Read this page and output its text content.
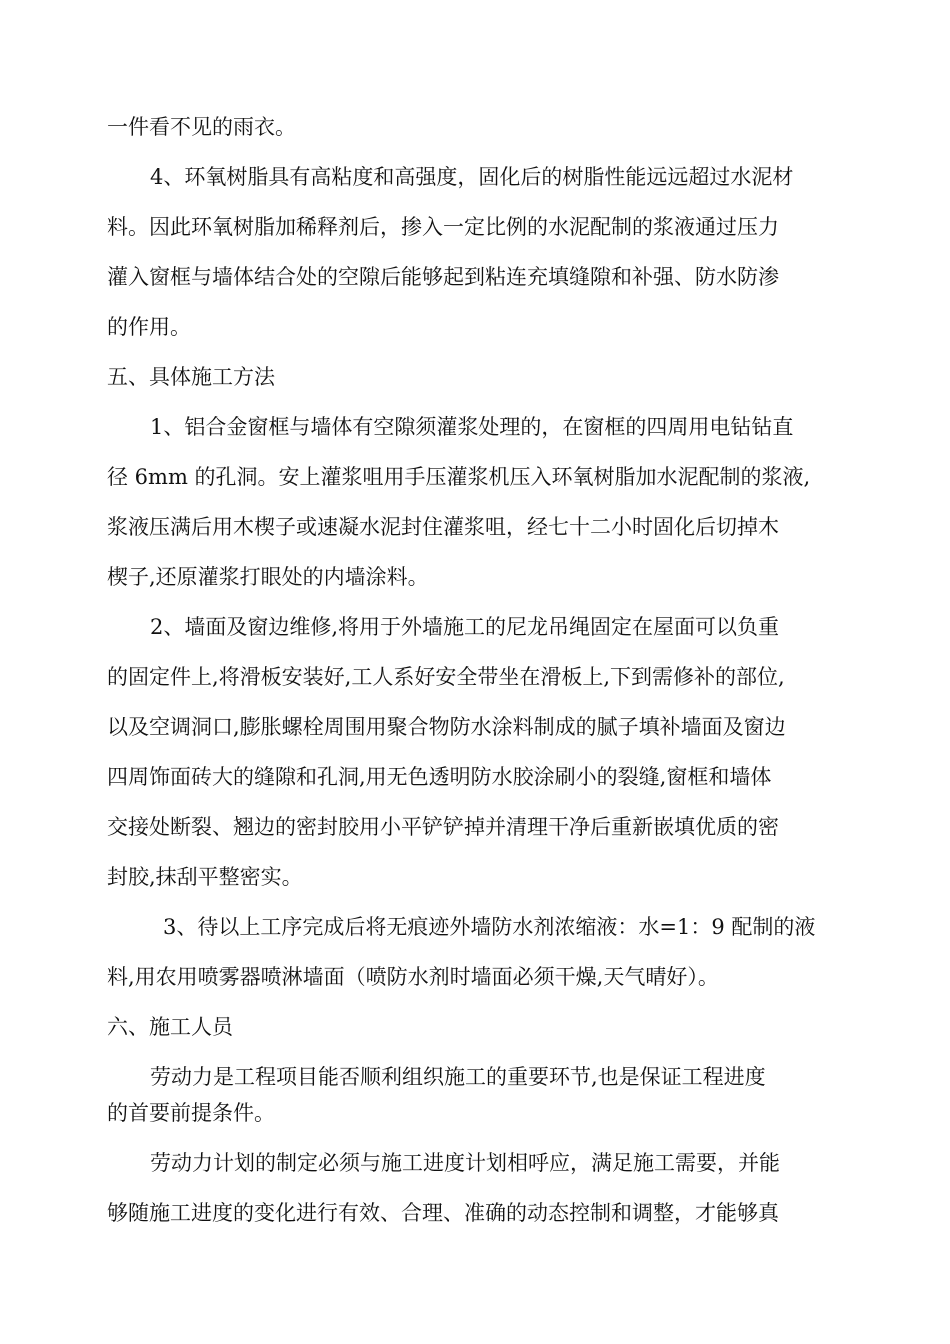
一件看不见的雨衣。
4、环氧树脂具有高粘度和高强度，固化后的树脂性能远远超过水泥材
料。因此环氧树脂加稀释剂后，掺入一定比例的水泥配制的浆液通过压力
灌入窗框与墙体结合处的空隙后能够起到粘连充填缝隙和补强、防水防渗
的作用。
五、具体施工方法
1、铝合金窗框与墙体有空隙须灌浆处理的，在窗框的四周用电钻钻直
径 6mm 的孔洞。安上灌浆咀用手压灌浆机压入环氧树脂加水泥配制的浆液,
浆液压满后用木楔子或速凝水泥封住灌浆咀，经七十二小时固化后切掉木
楔子,还原灌浆打眼处的内墙涂料。
2、墙面及窗边维修,将用于外墙施工的尼龙吊绳固定在屋面可以负重
的固定件上,将滑板安装好,工人系好安全带坐在滑板上,下到需修补的部位,
以及空调洞口,膨胀螺栓周围用聚合物防水涂料制成的腻子填补墙面及窗边
四周饰面砖大的缝隙和孔洞,用无色透明防水胶涂刷小的裂缝,窗框和墙体
交接处断裂、翘边的密封胶用小平铲铲掉并清理干净后重新嵌填优质的密
封胶,抹刮平整密实。
3、待以上工序完成后将无痕迹外墙防水剂浓缩液：水=1：9 配制的液
料,用农用喷雾器喷淋墙面（喷防水剂时墙面必须干燥,天气晴好）。
六、施工人员
劳动力是工程项目能否顺利组织施工的重要环节,也是保证工程进度
的首要前提条件。
劳动力计划的制定必须与施工进度计划相呼应，满足施工需要，并能
够随施工进度的变化进行有效、合理、准确的动态控制和调整，才能够真
